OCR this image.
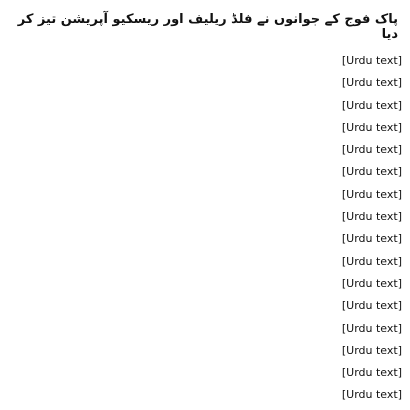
پاک فوج کے جوانوں نے فلڈ ریلیف اور ریسکیو آپریشن تیز کر دیا
[Urdu text]
[Urdu text]
[Urdu text]
[Urdu text]
[Urdu text]
[Urdu text]
[Urdu text]
[Urdu text]
[Urdu text]
[Urdu text]
[Urdu text]
[Urdu text]
[Urdu text]
[Urdu text]
[Urdu text]
[Urdu text]
